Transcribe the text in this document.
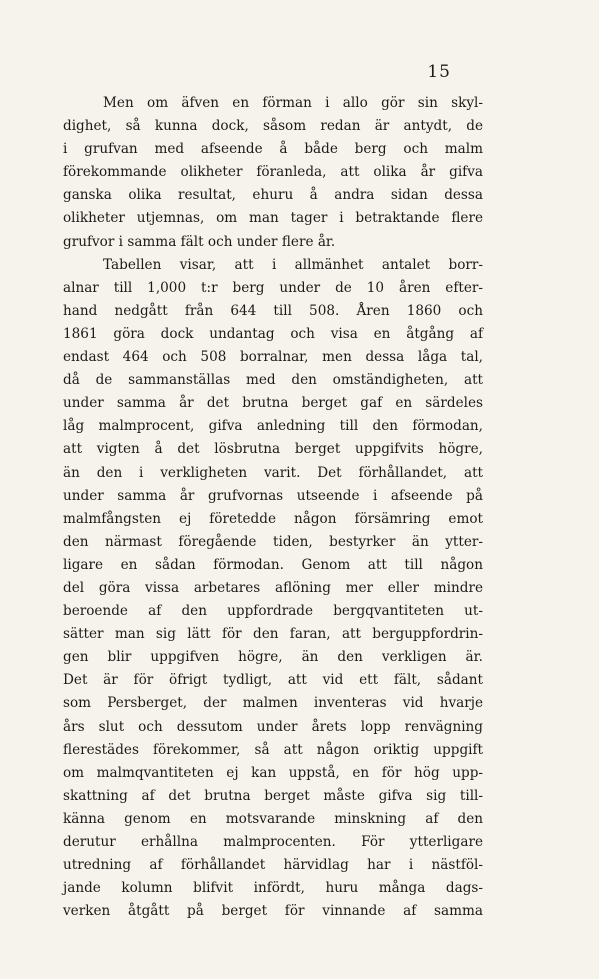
15
Men om äfven en förman i allo gör sin skyl-
dighet, så kunna dock, såsom redan är antydt, de
i grufvan med afseende å både berg och malm
förekommande olikheter föranleda, att olika år gifva
ganska olika resultat, ehuru å andra sidan dessa
olikheter utjemnas, om man tager i betraktande flere
grufvor i samma fält och under flere år.
Tabellen visar, att i allmänhet antalet borr-
alnar till 1,000 t:r berg under de 10 åren efter-
hand nedgått från 644 till 508. Åren 1860 och
1861 göra dock undantag och visa en åtgång af
endast 464 och 508 borralnar, men dessa låga tal,
då de sammanställas med den omständigheten, att
under samma år det brutna berget gaf en särdeles
låg malmprocent, gifva anledning till den förmodan,
att vigten å det lösbrutna berget uppgifvits högre,
än den i verkligheten varit. Det förhållandet, att
under samma år grufvornas utseende i afseende på
malmfångsten ej företedde någon försämring emot
den närmast föregående tiden, bestyrker än ytter-
ligare en sådan förmodan. Genom att till någon
del göra vissa arbetares aflöning mer eller mindre
beroende af den uppfordrade bergqvantiteten ut-
sätter man sig lätt för den faran, att berguppfordrin-
gen blir uppgifven högre, än den verkligen är.
Det är för öfrigt tydligt, att vid ett fält, sådant
som Persberget, der malmen inventeras vid hvarje
års slut och dessutom under årets lopp renvägning
flerestädes förekommer, så att någon oriktig uppgift
om malmqvantiteten ej kan uppstå, en för hög upp-
skattning af det brutna berget måste gifva sig till-
känna genom en motsvarande minskning af den
derutur erhållna malmprocenten. För ytterligare
utredning af förhållandet härvidlag har i nästföl-
jande kolumn blifvit infördt, huru många dags-
verken åtgått på berget för vinnande af samma
